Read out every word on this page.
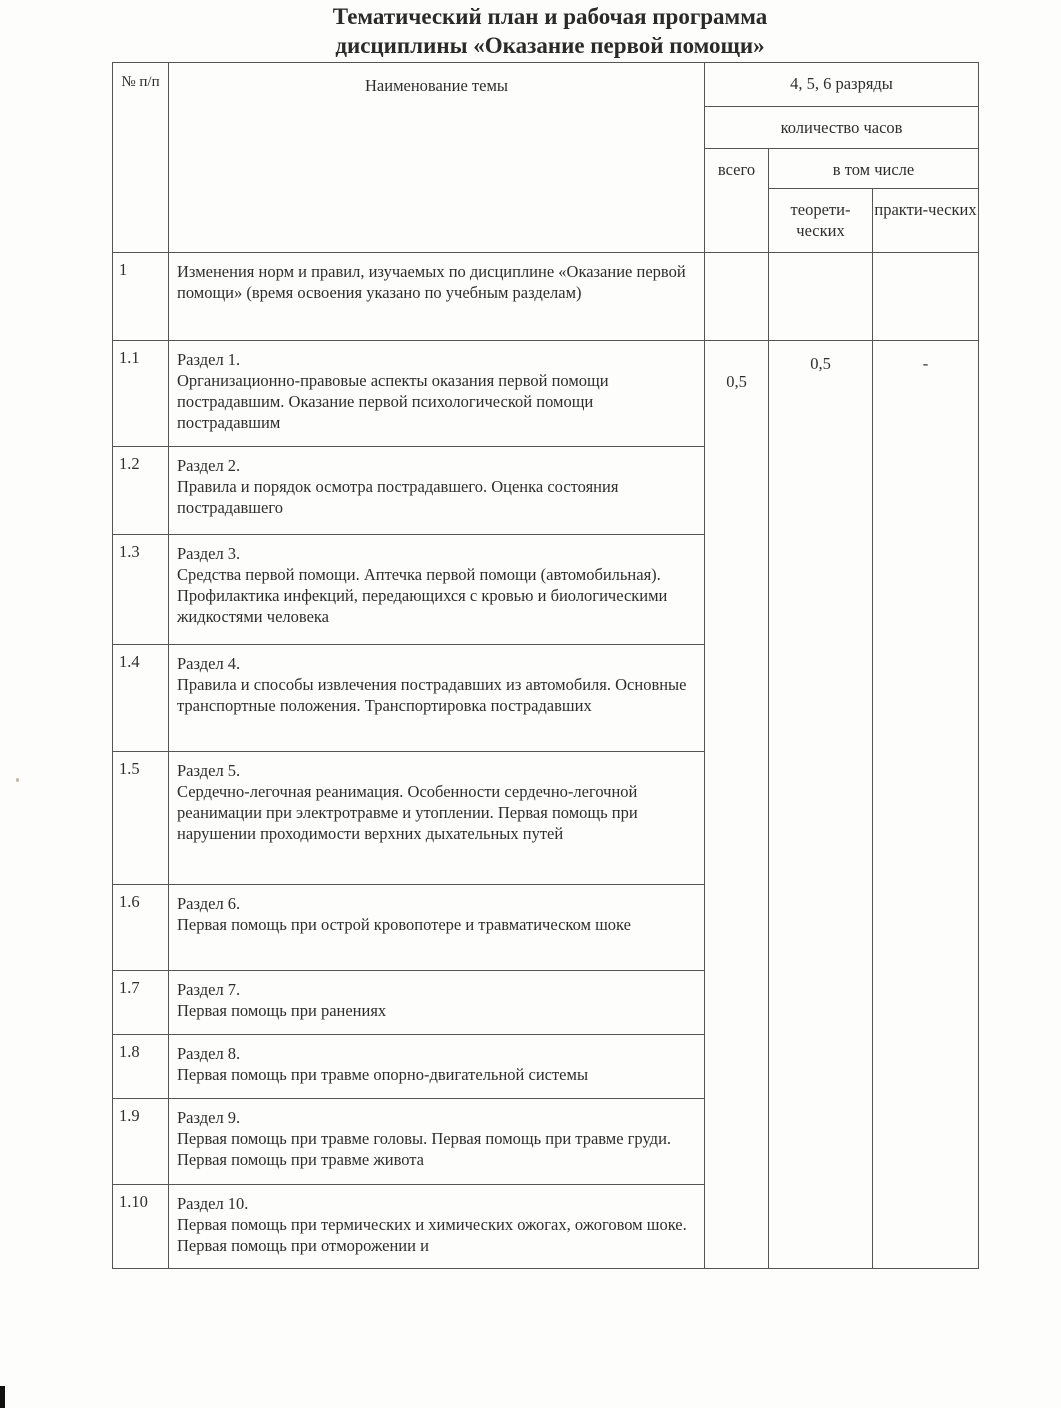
Тематический план и рабочая программа
дисциплины «Оказание первой помощи»
№ п/п	Наименование темы	4, 5, 6 разряды		
		количество часов		
		всего	в том числе	
			теорети-ческих	практи-ческих
1	Изменения норм и правил, изучаемых по дисциплине «Оказание первой помощи» (время освоения указано по учебным разделам)			

1.1	Раздел 1.
Организационно-правовые аспекты оказания первой помощи пострадавшим. Оказание первой психологической помощи пострадавшим	0,5	0,5	-
1.2	Раздел 2.
Правила и порядок осмотра пострадавшего. Оценка состояния пострадавшего			

1.3	Раздел 3.
Средства первой помощи. Аптечка первой помощи (автомобильная). Профилактика инфекций, передающихся с кровью и биологическими жидкостями человека			

1.4	Раздел 4.
Правила и способы извлечения пострадавших из автомобиля. Основные транспортные положения. Транспортировка пострадавших			

1.5	Раздел 5.
Сердечно-легочная реанимация. Особенности сердечно-легочной реанимации при электротравме и утоплении. Первая помощь при нарушении проходимости верхних дыхательных путей			

1.6	Раздел 6.
Первая помощь при острой кровопотере и травматическом шоке			

1.7	Раздел 7.
Первая помощь при ранениях			

1.8	Раздел 8.
Первая помощь при травме опорно-двигательной системы			

1.9	Раздел 9.
Первая помощь при травме головы. Первая помощь при травме груди. Первая помощь при травме живота			

1.10	Раздел 10.
Первая помощь при термических и химических ожогах, ожоговом шоке. Первая помощь при отморожении и			
